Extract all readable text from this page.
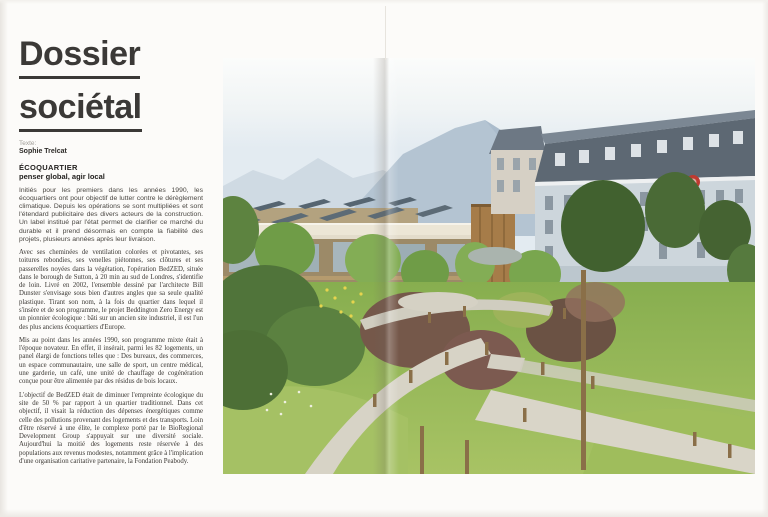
Dossier
sociétal
Texte:
Sophie Trelcat
ÉCOQUARTIER
penser global, agir local

Initiés pour les premiers dans les années 1990, les écoquartiers ont pour objectif de lutter contre le dérèglement climatique. Depuis les opérations se sont multipliées et sont l'étendard publicitaire des divers acteurs de la construction. Un label institué par l'état permet de clarifier ce marché du durable et il prend désormais en compte la fiabilité des projets, plusieurs années après leur livraison.

Avec ses cheminées de ventilation colorées et pivotantes, ses toitures rebondies, ses venelles piétonnes, ses clôtures et ses passerelles noyées dans la végétation, l'opération BedZED, située dans le borough de Sutton, à 20 min au sud de Londres, s'identifie de loin. Livré en 2002, l'ensemble dessiné par l'architecte Bill Dunster s'envisage sous bien d'autres angles que sa seule qualité plastique. Tirant son nom, à la fois du quartier dans lequel il s'insère et de son programme, le projet Beddington Zero Energy est un pionnier écologique : bâti sur un ancien site industriel, il est l'un des plus anciens écoquartiers d'Europe.

Mis au point dans les années 1990, son programme mixte était à l'époque novateur. En effet, il insérait, parmi les 82 logements, un panel élargi de fonctions telles que : Des bureaux, des commerces, un espace communautaire, une salle de sport, un centre médical, une garderie, un café, une unité de chauffage de cogénération conçue pour être alimentée par des résidus de bois locaux.

L'objectif de BedZED était de diminuer l'empreinte écologique du site de 50 % par rapport à un quartier traditionnel. Dans cet objectif, il visait la réduction des dépenses énergétiques comme celle des pollutions provenant des logements et des transports. Loin d'être réservé à une élite, le complexe porté par le BioRegional Development Group s'appuyait sur une diversité sociale. Aujourd'hui la moitié des logements reste réservée à des populations aux revenus modestes, notamment grâce à l'implication d'une organisation caritative partenaire, la Fondation Peabody.
